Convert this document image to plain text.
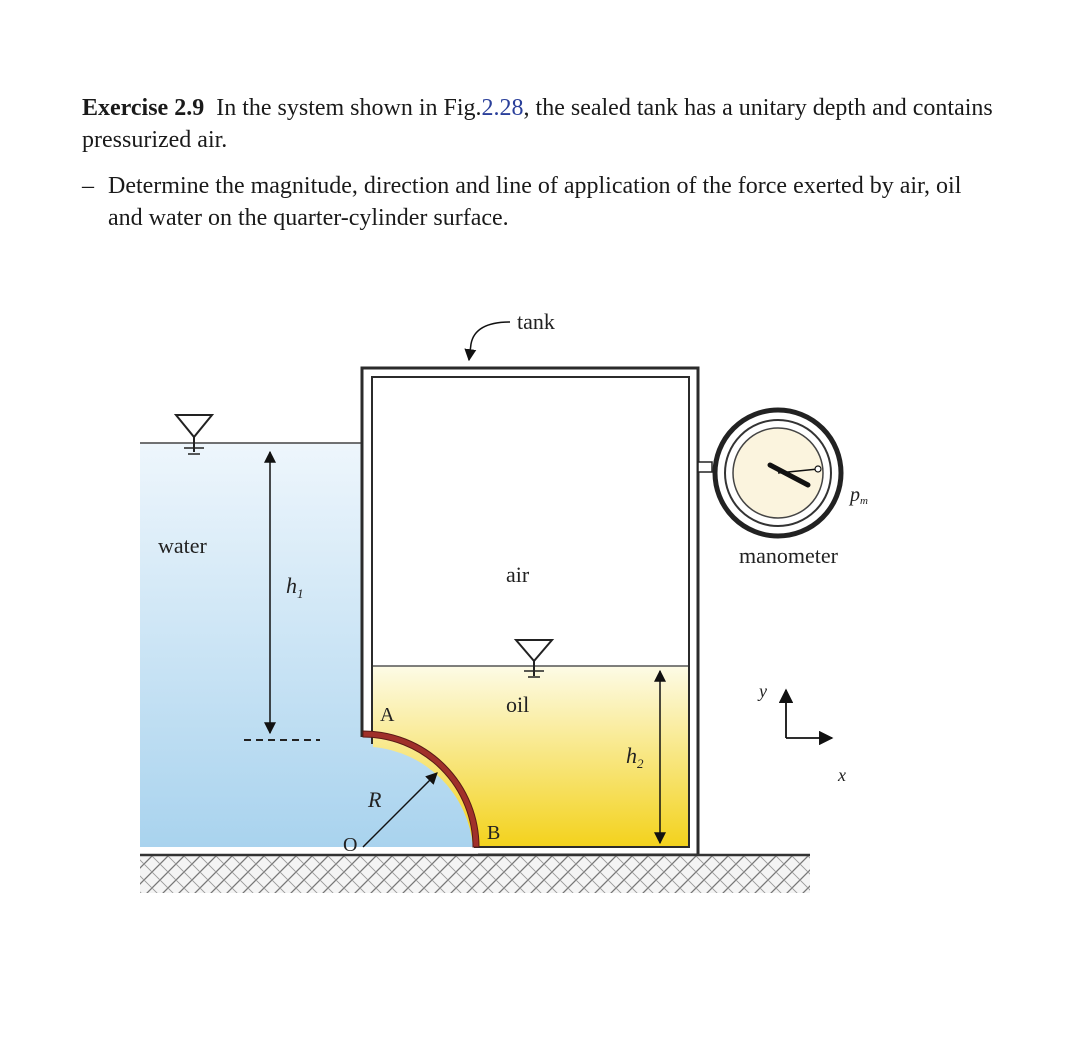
Exercise 2.9 In the system shown in Fig.2.28, the sealed tank has a unitary depth and contains pressurized air.

– Determine the magnitude, direction and line of application of the force exerted by air, oil and water on the quarter-cylinder surface.

tank
water
air
oil
manometer
$h_1$
$h_2$
A
B
O
R
pm
y
x
